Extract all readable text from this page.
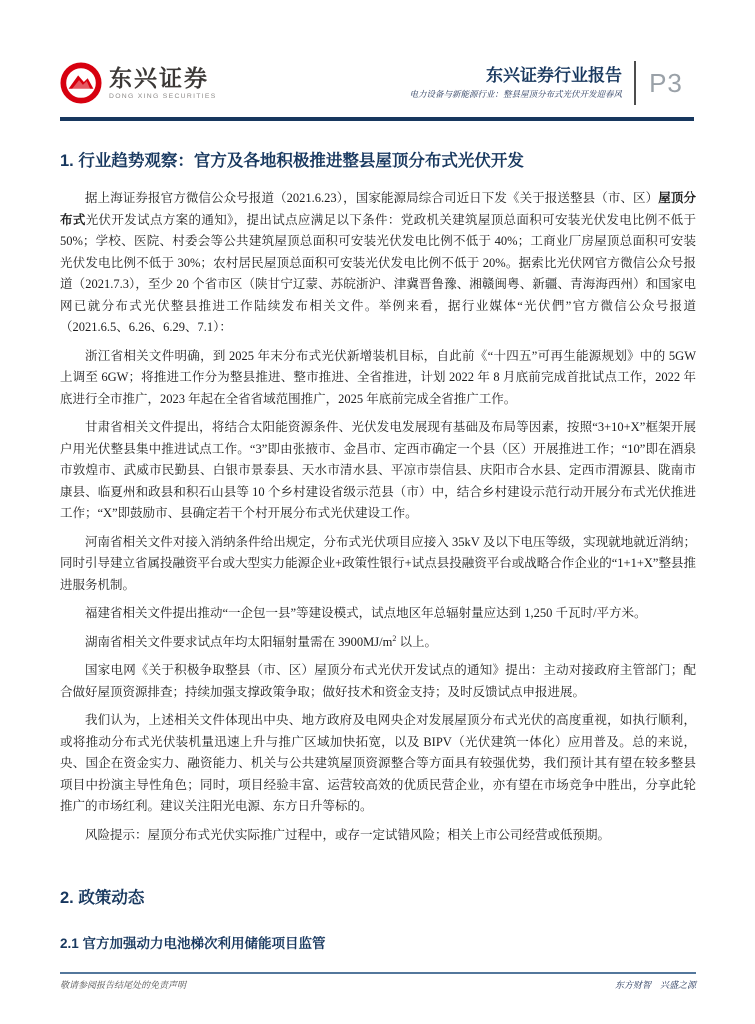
东兴证券
DONG XING SECURITIES
东兴证券行业报告
电力设备与新能源行业：整县屋顶分布式光伏开发迎春风	P3
1. 行业趋势观察：官方及各地积极推进整县屋顶分布式光伏开发

据上海证券报官方微信公众号报道（2021.6.23），国家能源局综合司近日下发《关于报送整县（市、区）屋顶分布式光伏开发试点方案的通知》，提出试点应满足以下条件：党政机关建筑屋顶总面积可安装光伏发电比例不低于 50%；学校、医院、村委会等公共建筑屋顶总面积可安装光伏发电比例不低于 40%；工商业厂房屋顶总面积可安装光伏发电比例不低于 30%；农村居民屋顶总面积可安装光伏发电比例不低于 20%。据索比光伏网官方微信公众号报道（2021.7.3），至少 20 个省市区（陕甘宁辽蒙、苏皖浙沪、津冀晋鲁豫、湘赣闽粤、新疆、青海海西州）和国家电网已就分布式光伏整县推进工作陆续发布相关文件。举例来看，据行业媒体“光伏們”官方微信公众号报道（2021.6.5、6.26、6.29、7.1）：

浙江省相关文件明确，到 2025 年末分布式光伏新增装机目标，自此前《“十四五”可再生能源规划》中的 5GW 上调至 6GW；将推进工作分为整县推进、整市推进、全省推进，计划 2022 年 8 月底前完成首批试点工作，2022 年底进行全市推广，2023 年起在全省省域范围推广，2025 年底前完成全省推广工作。

甘肃省相关文件提出，将结合太阳能资源条件、光伏发电发展现有基础及布局等因素，按照“3+10+X”框架开展户用光伏整县集中推进试点工作。“3”即由张掖市、金昌市、定西市确定一个县（区）开展推进工作；“10”即在酒泉市敦煌市、武威市民勤县、白银市景泰县、天水市清水县、平凉市崇信县、庆阳市合水县、定西市渭源县、陇南市康县、临夏州和政县和积石山县等 10 个乡村建设省级示范县（市）中，结合乡村建设示范行动开展分布式光伏推进工作；“X”即鼓励市、县确定若干个村开展分布式光伏建设工作。

河南省相关文件对接入消纳条件给出规定，分布式光伏项目应接入 35kV 及以下电压等级，实现就地就近消纳；同时引导建立省属投融资平台或大型实力能源企业+政策性银行+试点县投融资平台或战略合作企业的“1+1+X”整县推进服务机制。

福建省相关文件提出推动“一企包一县”等建设模式，试点地区年总辐射量应达到 1,250 千瓦时/平方米。

湖南省相关文件要求试点年均太阳辐射量需在 $3900MJ/m^2$ 以上。

国家电网《关于积极争取整县（市、区）屋顶分布式光伏开发试点的通知》提出：主动对接政府主管部门；配合做好屋顶资源排查；持续加强支撑政策争取；做好技术和资金支持；及时反馈试点申报进展。

我们认为，上述相关文件体现出中央、地方政府及电网央企对发展屋顶分布式光伏的高度重视，如执行顺利，或将推动分布式光伏装机量迅速上升与推广区域加快拓宽，以及 BIPV（光伏建筑一体化）应用普及。总的来说，央、国企在资金实力、融资能力、机关与公共建筑屋顶资源整合等方面具有较强优势，我们预计其有望在较多整县项目中扮演主导性角色；同时，项目经验丰富、运营较高效的优质民营企业，亦有望在市场竞争中胜出，分享此轮推广的市场红利。建议关注阳光电源、东方日升等标的。

风险提示：屋顶分布式光伏实际推广过程中，或存一定试错风险；相关上市公司经营或低预期。

2. 政策动态
2.1 官方加强动力电池梯次利用储能项目监管
敬请参阅报告结尾处的免责声明	东方财智　兴盛之源
